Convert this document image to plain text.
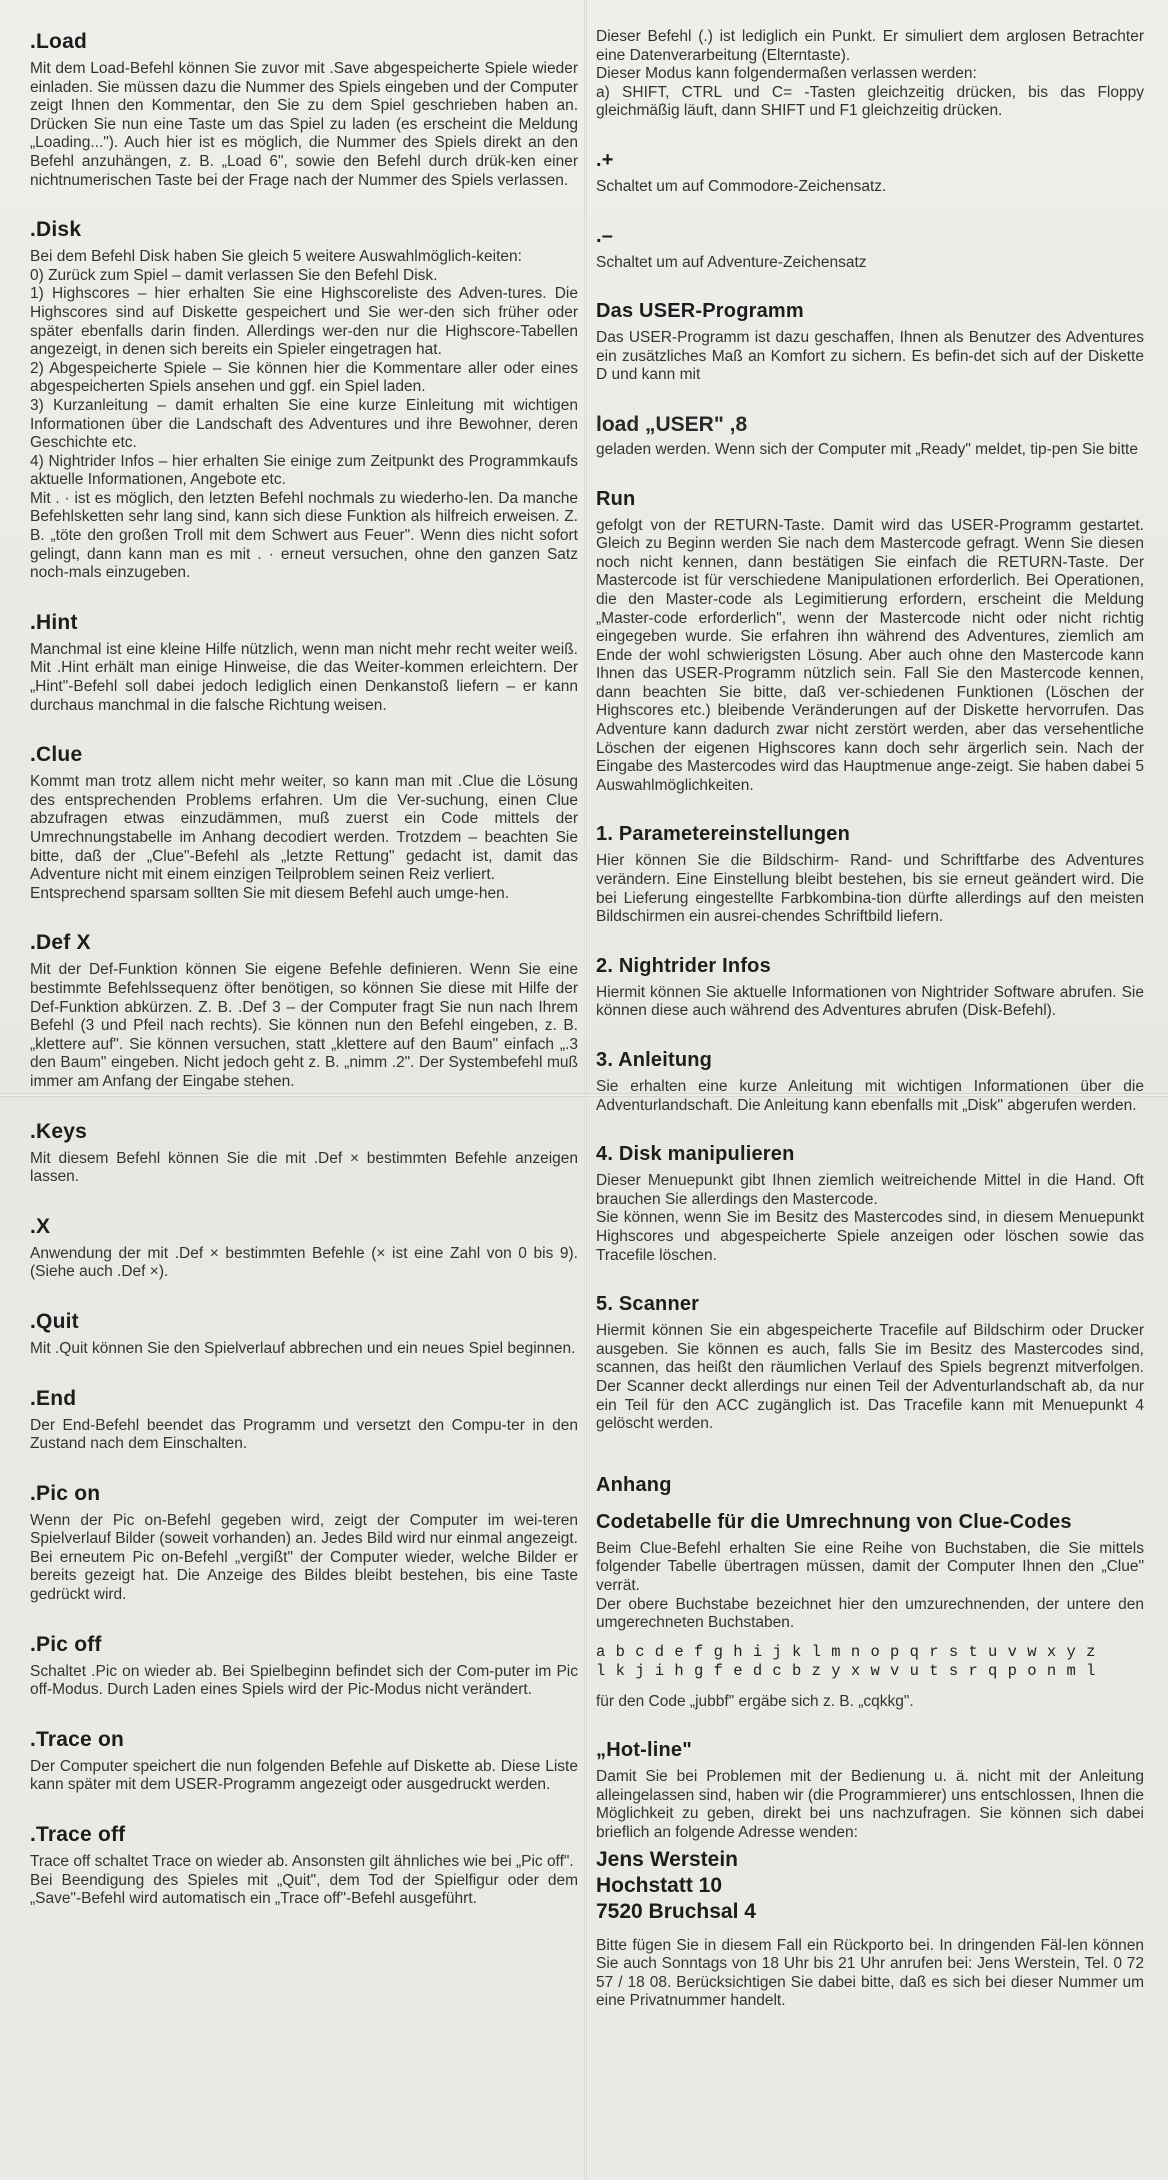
.Load

Mit dem Load-Befehl können Sie zuvor mit .Save abgespeicherte Spiele wieder einladen. Sie müssen dazu die Nummer des Spiels eingeben und der Computer zeigt Ihnen den Kommentar, den Sie zu dem Spiel geschrieben haben an. Drücken Sie nun eine Taste um das Spiel zu laden (es erscheint die Meldung „Loading..."). Auch hier ist es möglich, die Nummer des Spiels direkt an den Befehl anzuhängen, z. B. „Load 6", sowie den Befehl durch drük-ken einer nichtnumerischen Taste bei der Frage nach der Nummer des Spiels verlassen.

.Disk

Bei dem Befehl Disk haben Sie gleich 5 weitere Auswahlmöglich-keiten:
0) Zurück zum Spiel – damit verlassen Sie den Befehl Disk.
1) Highscores – hier erhalten Sie eine Highscoreliste des Adven-tures. Die Highscores sind auf Diskette gespeichert und Sie wer-den sich früher oder später ebenfalls darin finden. Allerdings wer-den nur die Highscore-Tabellen angezeigt, in denen sich bereits ein Spieler eingetragen hat.
2) Abgespeicherte Spiele – Sie können hier die Kommentare aller oder eines abgespeicherten Spiels ansehen und ggf. ein Spiel laden.
3) Kurzanleitung – damit erhalten Sie eine kurze Einleitung mit wichtigen Informationen über die Landschaft des Adventures und ihre Bewohner, deren Geschichte etc.
4) Nightrider Infos – hier erhalten Sie einige zum Zeitpunkt des Programmkaufs aktuelle Informationen, Angebote etc.
Mit . · ist es möglich, den letzten Befehl nochmals zu wiederho-len. Da manche Befehlsketten sehr lang sind, kann sich diese Funktion als hilfreich erweisen. Z. B. „töte den großen Troll mit dem Schwert aus Feuer". Wenn dies nicht sofort gelingt, dann kann man es mit . · erneut versuchen, ohne den ganzen Satz noch-mals einzugeben.

.Hint

Manchmal ist eine kleine Hilfe nützlich, wenn man nicht mehr recht weiter weiß. Mit .Hint erhält man einige Hinweise, die das Weiter-kommen erleichtern. Der „Hint"-Befehl soll dabei jedoch lediglich einen Denkanstoß liefern – er kann durchaus manchmal in die falsche Richtung weisen.

.Clue

Kommt man trotz allem nicht mehr weiter, so kann man mit .Clue die Lösung des entsprechenden Problems erfahren. Um die Ver-suchung, einen Clue abzufragen etwas einzudämmen, muß zuerst ein Code mittels der Umrechnungstabelle im Anhang decodiert werden. Trotzdem – beachten Sie bitte, daß der „Clue"-Befehl als „letzte Rettung" gedacht ist, damit das Adventure nicht mit einem einzigen Teilproblem seinen Reiz verliert.
Entsprechend sparsam sollten Sie mit diesem Befehl auch umge-hen.

.Def X

Mit der Def-Funktion können Sie eigene Befehle definieren. Wenn Sie eine bestimmte Befehlssequenz öfter benötigen, so können Sie diese mit Hilfe der Def-Funktion abkürzen. Z. B. .Def 3 – der Computer fragt Sie nun nach Ihrem Befehl (3 und Pfeil nach rechts). Sie können nun den Befehl eingeben, z. B. „klettere auf". Sie können versuchen, statt „klettere auf den Baum" einfach „.3 den Baum" eingeben. Nicht jedoch geht z. B. „nimm .2". Der Systembefehl muß immer am Anfang der Eingabe stehen.

.Keys

Mit diesem Befehl können Sie die mit .Def × bestimmten Befehle anzeigen lassen.

.X

Anwendung der mit .Def × bestimmten Befehle (× ist eine Zahl von 0 bis 9). (Siehe auch .Def ×).

.Quit

Mit .Quit können Sie den Spielverlauf abbrechen und ein neues Spiel beginnen.

.End

Der End-Befehl beendet das Programm und versetzt den Compu-ter in den Zustand nach dem Einschalten.

.Pic on

Wenn der Pic on-Befehl gegeben wird, zeigt der Computer im wei-teren Spielverlauf Bilder (soweit vorhanden) an. Jedes Bild wird nur einmal angezeigt. Bei erneutem Pic on-Befehl „vergißt" der Computer wieder, welche Bilder er bereits gezeigt hat. Die Anzeige des Bildes bleibt bestehen, bis eine Taste gedrückt wird.

.Pic off

Schaltet .Pic on wieder ab. Bei Spielbeginn befindet sich der Com-puter im Pic off-Modus. Durch Laden eines Spiels wird der Pic-Modus nicht verändert.

.Trace on

Der Computer speichert die nun folgenden Befehle auf Diskette ab. Diese Liste kann später mit dem USER-Programm angezeigt oder ausgedruckt werden.

.Trace off

Trace off schaltet Trace on wieder ab. Ansonsten gilt ähnliches wie bei „Pic off".
Bei Beendigung des Spieles mit „Quit", dem Tod der Spielfigur oder dem „Save"-Befehl wird automatisch ein „Trace off"-Befehl ausgeführt.

Dieser Befehl (.) ist lediglich ein Punkt. Er simuliert dem arglosen Betrachter eine Datenverarbeitung (Elterntaste).
Dieser Modus kann folgendermaßen verlassen werden:
a) SHIFT, CTRL und C= -Tasten gleichzeitig drücken, bis das Floppy gleichmäßig läuft, dann SHIFT und F1 gleichzeitig drücken.

.+

Schaltet um auf Commodore-Zeichensatz.

.–

Schaltet um auf Adventure-Zeichensatz

Das USER-Programm

Das USER-Programm ist dazu geschaffen, Ihnen als Benutzer des Adventures ein zusätzliches Maß an Komfort zu sichern. Es befin-det sich auf der Diskette D und kann mit

load „USER" ,8

geladen werden. Wenn sich der Computer mit „Ready" meldet, tip-pen Sie bitte

Run

gefolgt von der RETURN-Taste. Damit wird das USER-Programm gestartet. Gleich zu Beginn werden Sie nach dem Mastercode gefragt. Wenn Sie diesen noch nicht kennen, dann bestätigen Sie einfach die RETURN-Taste. Der Mastercode ist für verschiedene Manipulationen erforderlich. Bei Operationen, die den Master-code als Legimitierung erfordern, erscheint die Meldung „Master-code erforderlich", wenn der Mastercode nicht oder nicht richtig eingegeben wurde. Sie erfahren ihn während des Adventures, ziemlich am Ende der wohl schwierigsten Lösung. Aber auch ohne den Mastercode kann Ihnen das USER-Programm nützlich sein. Fall Sie den Mastercode kennen, dann beachten Sie bitte, daß ver-schiedenen Funktionen (Löschen der Highscores etc.) bleibende Veränderungen auf der Diskette hervorrufen. Das Adventure kann dadurch zwar nicht zerstört werden, aber das versehentliche Löschen der eigenen Highscores kann doch sehr ärgerlich sein. Nach der Eingabe des Mastercodes wird das Hauptmenue ange-zeigt. Sie haben dabei 5 Auswahlmöglichkeiten.

1. Parametereinstellungen

Hier können Sie die Bildschirm- Rand- und Schriftfarbe des Adventures verändern. Eine Einstellung bleibt bestehen, bis sie erneut geändert wird. Die bei Lieferung eingestellte Farbkombina-tion dürfte allerdings auf den meisten Bildschirmen ein ausrei-chendes Schriftbild liefern.

2. Nightrider Infos

Hiermit können Sie aktuelle Informationen von Nightrider Software abrufen. Sie können diese auch während des Adventures abrufen (Disk-Befehl).

3. Anleitung

Sie erhalten eine kurze Anleitung mit wichtigen Informationen über die Adventurlandschaft. Die Anleitung kann ebenfalls mit „Disk" abgerufen werden.

4. Disk manipulieren

Dieser Menuepunkt gibt Ihnen ziemlich weitreichende Mittel in die Hand. Oft brauchen Sie allerdings den Mastercode.
Sie können, wenn Sie im Besitz des Mastercodes sind, in diesem Menuepunkt Highscores und abgespeicherte Spiele anzeigen oder löschen sowie das Tracefile löschen.

5. Scanner

Hiermit können Sie ein abgespeicherte Tracefile auf Bildschirm oder Drucker ausgeben. Sie können es auch, falls Sie im Besitz des Mastercodes sind, scannen, das heißt den räumlichen Verlauf des Spiels begrenzt mitverfolgen. Der Scanner deckt allerdings nur einen Teil der Adventurlandschaft ab, da nur ein Teil für den ACC zugänglich ist. Das Tracefile kann mit Menuepunkt 4 gelöscht werden.

Anhang
Codetabelle für die Umrechnung von Clue-Codes

Beim Clue-Befehl erhalten Sie eine Reihe von Buchstaben, die Sie mittels folgender Tabelle übertragen müssen, damit der Computer Ihnen den „Clue" verrät.
Der obere Buchstabe bezeichnet hier den umzurechnenden, der untere den umgerechneten Buchstaben.

a b c d e f g h i j k l m n o p q r s t u v w x y z
l k j i h g f e d c b z y x w v u t s r q p o n m l

für den Code „jubbf" ergäbe sich z. B. „cqkkg".

„Hot-line"

Damit Sie bei Problemen mit der Bedienung u. ä. nicht mit der Anleitung alleingelassen sind, haben wir (die Programmierer) uns entschlossen, Ihnen die Möglichkeit zu geben, direkt bei uns nachzufragen. Sie können sich dabei brieflich an folgende Adresse wenden:

Jens Werstein
Hochstatt 10
7520 Bruchsal 4

Bitte fügen Sie in diesem Fall ein Rückporto bei. In dringenden Fäl-len können Sie auch Sonntags von 18 Uhr bis 21 Uhr anrufen bei: Jens Werstein, Tel. 0 72 57 / 18 08. Berücksichtigen Sie dabei bitte, daß es sich bei dieser Nummer um eine Privatnummer handelt.
